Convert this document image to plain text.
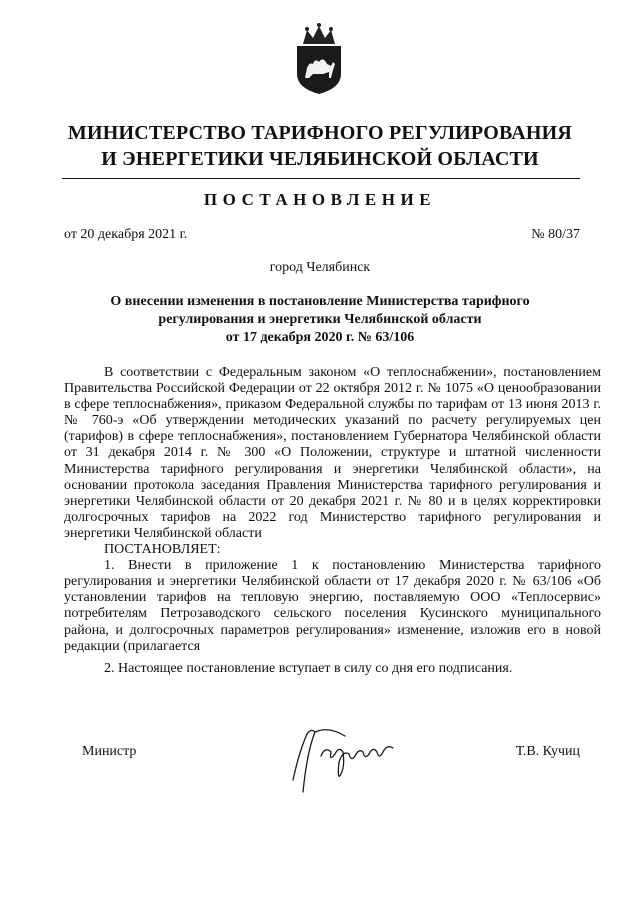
МИНИСТЕРСТВО ТАРИФНОГО РЕГУЛИРОВАНИЯ
И ЭНЕРГЕТИКИ ЧЕЛЯБИНСКОЙ ОБЛАСТИ
ПОСТАНОВЛЕНИЕ
от 20 декабря 2021 г.	№ 80/37
город Челябинск
О внесении изменения в постановление Министерства тарифного
регулирования и энергетики Челябинской области
от 17 декабря 2020 г. № 63/106

В соответствии с Федеральным законом «О теплоснабжении», постановлением Правительства Российской Федерации от 22 октября 2012 г. № 1075 «О ценообразовании в сфере теплоснабжения», приказом Федеральной службы по тарифам от 13 июня 2013 г. № 760-э «Об утверждении методических указаний по расчету регулируемых цен (тарифов) в сфере теплоснабжения», постановлением Губернатора Челябинской области от 31 декабря 2014 г. № 300 «О Положении, структуре и штатной численности Министерства тарифного регулирования и энергетики Челябинской области», на основании протокола заседания Правления Министерства тарифного регулирования и энергетики Челябинской области от 20 декабря 2021 г. № 80 и в целях корректировки долгосрочных тарифов на 2022 год Министерство тарифного регулирования и энергетики Челябинской области

ПОСТАНОВЛЯЕТ:

1. Внести в приложение 1 к постановлению Министерства тарифного регулирования и энергетики Челябинской области от 17 декабря 2020 г. № 63/106 «Об установлении тарифов на тепловую энергию, поставляемую ООО «Теплосервис» потребителям Петрозаводского сельского поселения Кусинского муниципального района, и долгосрочных параметров регулирования» изменение, изложив его в новой редакции (прилагается

2. Настоящее постановление вступает в силу со дня его подписания.

Министр	Т.В. Кучиц
